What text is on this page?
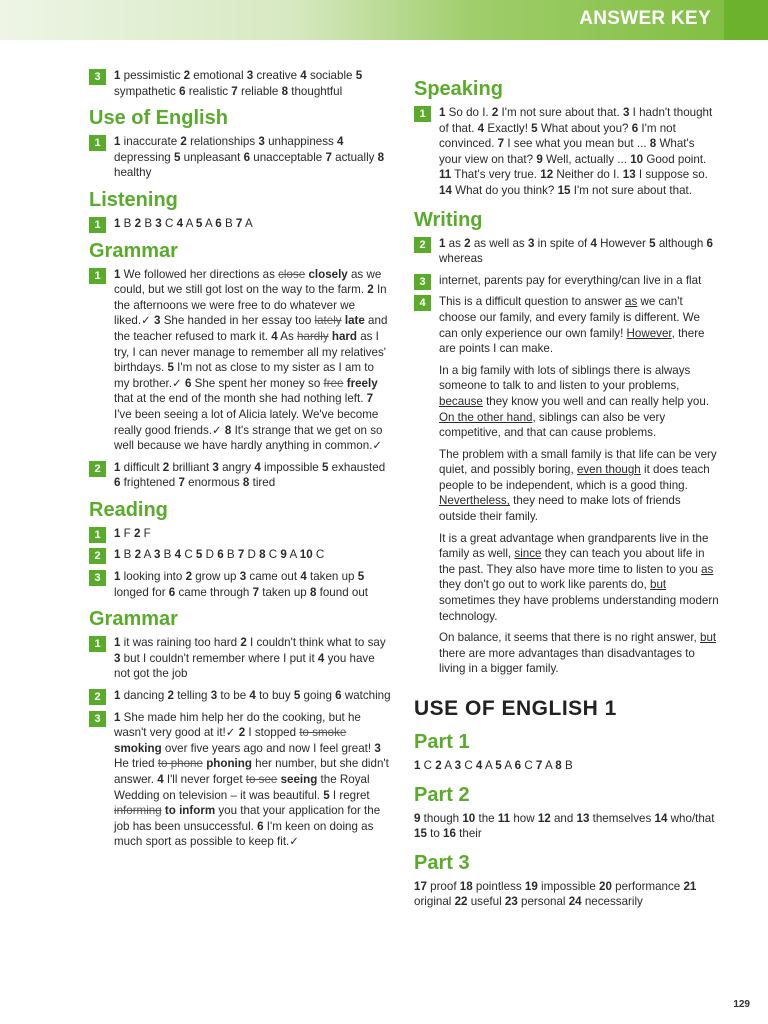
ANSWER KEY
3	1 pessimistic 2 emotional 3 creative 4 sociable 5 sympathetic 6 realistic 7 reliable 8 thoughtful
Use of English
1	1 inaccurate 2 relationships 3 unhappiness 4 depressing 5 unpleasant 6 unacceptable 7 actually 8 healthy
Listening
1	1 B 2 B 3 C 4 A 5 A 6 B 7 A
Grammar
1	1 We followed her directions as close closely as we could, but we still got lost on the way to the farm. 2 In the afternoons we were free to do whatever we liked.✓ 3 She handed in her essay too lately late and the teacher refused to mark it. 4 As hardly hard as I try, I can never manage to remember all my relatives' birthdays. 5 I'm not as close to my sister as I am to my brother.✓ 6 She spent her money so free freely that at the end of the month she had nothing left. 7 I've been seeing a lot of Alicia lately. We've become really good friends.✓ 8 It's strange that we get on so well because we have hardly anything in common.✓
2	1 difficult 2 brilliant 3 angry 4 impossible 5 exhausted 6 frightened 7 enormous 8 tired
Reading
1	1 F 2 F
2	1 B 2 A 3 B 4 C 5 D 6 B 7 D 8 C 9 A 10 C
3	1 looking into 2 grow up 3 came out 4 taken up 5 longed for 6 came through 7 taken up 8 found out
Grammar
1	1 it was raining too hard 2 I couldn't think what to say 3 but I couldn't remember where I put it 4 you have not got the job
2	1 dancing 2 telling 3 to be 4 to buy 5 going 6 watching
3	1 She made him help her do the cooking, but he wasn't very good at it!✓ 2 I stopped to smoke smoking over five years ago and now I feel great! 3 He tried to phone phoning her number, but she didn't answer. 4 I'll never forget to see seeing the Royal Wedding on television – it was beautiful. 5 I regret informing to inform you that your application for the job has been unsuccessful. 6 I'm keen on doing as much sport as possible to keep fit.✓
Speaking
1	1 So do I. 2 I'm not sure about that. 3 I hadn't thought of that. 4 Exactly! 5 What about you? 6 I'm not convinced. 7 I see what you mean but ... 8 What's your view on that? 9 Well, actually ... 10 Good point. 11 That's very true. 12 Neither do I. 13 I suppose so. 14 What do you think? 15 I'm not sure about that.
Writing
2	1 as 2 as well as 3 in spite of 4 However 5 although 6 whereas
3	internet, parents pay for everything/can live in a flat
4	This is a difficult question to answer as we can't choose our family, and every family is different. We can only experience our own family! However, there are points I can make.
In a big family with lots of siblings there is always someone to talk to and listen to your problems, because they know you well and can really help you. On the other hand, siblings can also be very competitive, and that can cause problems.
The problem with a small family is that life can be very quiet, and possibly boring, even though it does teach people to be independent, which is a good thing. Nevertheless, they need to make lots of friends outside their family.
It is a great advantage when grandparents live in the family as well, since they can teach you about life in the past. They also have more time to listen to you as they don't go out to work like parents do, but sometimes they have problems understanding modern technology.
On balance, it seems that there is no right answer, but there are more advantages than disadvantages to living in a bigger family.
USE OF ENGLISH 1
Part 1
1 C 2 A 3 C 4 A 5 A 6 C 7 A 8 B
Part 2
9 though 10 the 11 how 12 and 13 themselves 14 who/that 15 to 16 their
Part 3
17 proof 18 pointless 19 impossible 20 performance 21 original 22 useful 23 personal 24 necessarily
129
